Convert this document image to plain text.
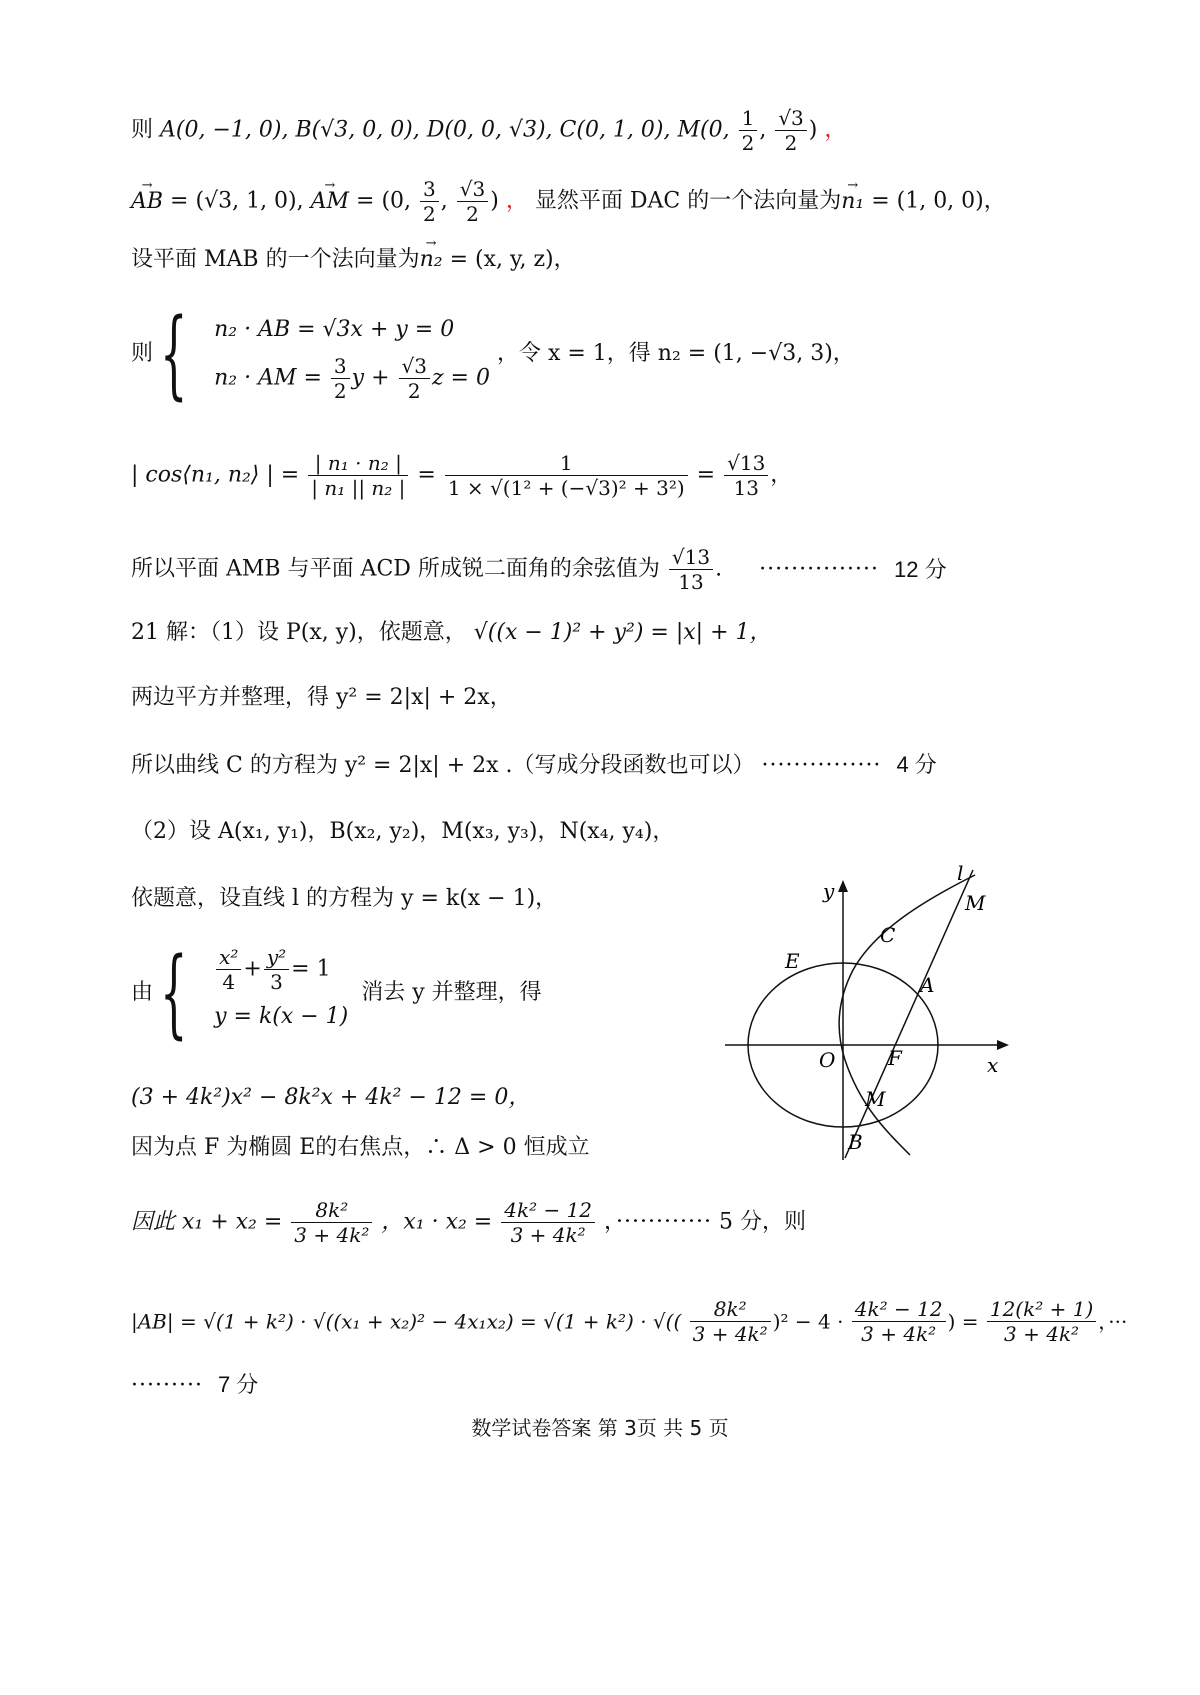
则 A(0, −1, 0), B(√3, 0, 0), D(0, 0, √3), C(0, 1, 0), M(0, $\frac{1}{2}$ , $\frac{√3}{2}$ ) ，
→ AB = (√3, 1, 0), → AM = (0, $\frac{3}{2}$ , $\frac{√3}{2}$ ) ， 显然平面 DAC 的一个法向量为→ n₁ = (1, 0, 0)，
设平面 MAB 的一个法向量为→ n₂ = (x, y, z)，
则 { n₂ · AB = √3x + y = 0
n₂ · AM = $\frac{3}{2}$ $y + \frac{√3}{2}$ z = 0
，令 x = 1，得 n₂ = (1, −√3, 3)，
| cos⟨n₁, n₂⟩ | = $\frac{\text{| n₁ · n₂ |}}{\text{| n₁ || n₂ |}} = \frac{1}{\text{1 × √(1² + (−√3)² + 3²)}} = \frac{√13}{13}$ ，
所以平面 AMB 与平面 ACD 所成锐二面角的余弦值为 $\frac{√13}{13}$ . ··············· 12 分
21 解：（1）设 P(x, y)，依题意， √((x − 1)² + y²) = |x| + 1，
两边平方并整理，得 y² = 2|x| + 2x，
所以曲线 C 的方程为 y² = 2|x| + 2x .（写成分段函数也可以） ··············· 4 分
（2）设 A(x₁, y₁)，B(x₂, y₂)，M(x₃, y₃)，N(x₄, y₄)，
依题意，设直线 l 的方程为 y = k(x − 1)，
由 { $\frac{\text{x²}}{4} + \frac{\text{y²}}{3} = 1$
y = k(x − 1)
消去 y 并整理，得
(3 + 4k²)x² − 8k²x + 4k² − 12 = 0，
因为点 F 为椭圆 E的右焦点，∴ Δ > 0 恒成立
因此 $x_1 + x_2 = \frac{\text{8k²}}{\text{3 + 4k²}}$ ，$x_1 \cdot x_2 = \frac{\text{4k² − 12}}{\text{3 + 4k²}}$ ，············ 5 分，则
|AB| = √(1 + k²) · √((x₁ + x₂)² − 4x₁x₂) = √(1 + k²) · √(( $\frac{\text{8k²}}{\text{3 + 4k²}} )^2 - 4 \cdot \frac{\text{4k² − 12}}{\text{3 + 4k²}}$ ) = $\frac{\text{12(k² + 1)}}{\text{3 + 4k²}}$ ，···
········· 7 分
y
x
O	F
A
B
C
E
M
M
l
数学试卷答案 第 3页 共 5 页
